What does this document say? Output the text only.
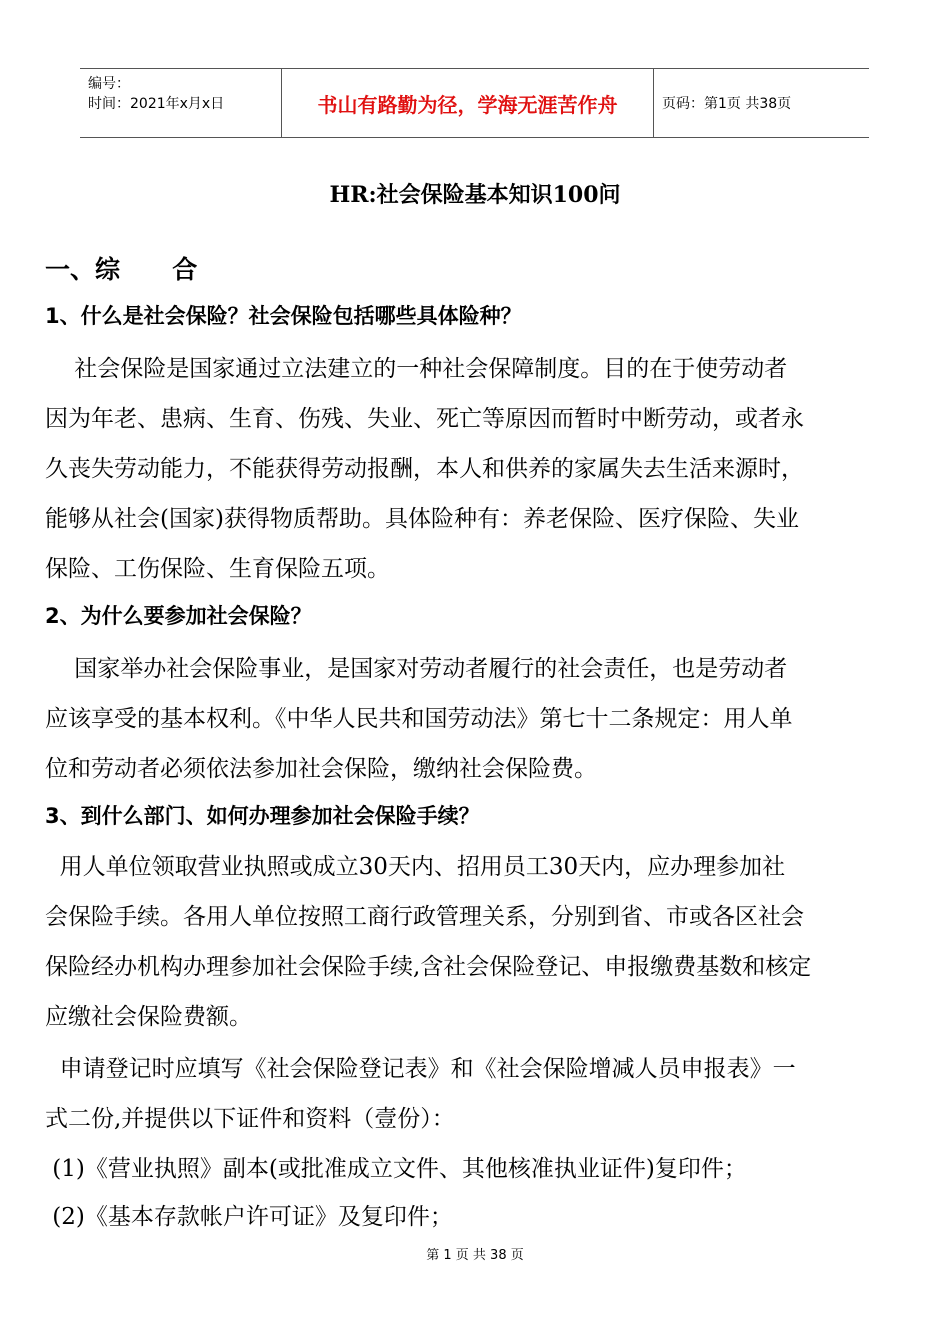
编号：
时间：2021年x月x日	书山有路勤为径，学海无涯苦作舟	页码：第1页 共38页
HR:社会保险基本知识100问
一、综      合
1、什么是社会保险？社会保险包括哪些具体险种？
社会保险是国家通过立法建立的一种社会保障制度。目的在于使劳动者
因为年老、患病、生育、伤残、失业、死亡等原因而暂时中断劳动，或者永
久丧失劳动能力，不能获得劳动报酬，本人和供养的家属失去生活来源时，
能够从社会(国家)获得物质帮助。具体险种有：养老保险、医疗保险、失业
保险、工伤保险、生育保险五项。
2、为什么要参加社会保险？
国家举办社会保险事业，是国家对劳动者履行的社会责任，也是劳动者
应该享受的基本权利。《中华人民共和国劳动法》第七十二条规定：用人单
位和劳动者必须依法参加社会保险，缴纳社会保险费。
3、到什么部门、如何办理参加社会保险手续？
用人单位领取营业执照或成立30天内、招用员工30天内，应办理参加社
会保险手续。各用人单位按照工商行政管理关系，分别到省、市或各区社会
保险经办机构办理参加社会保险手续,含社会保险登记、申报缴费基数和核定
应缴社会保险费额。
申请登记时应填写《社会保险登记表》和《社会保险增减人员申报表》一
式二份,并提供以下证件和资料（壹份）：
(1)《营业执照》副本(或批准成立文件、其他核准执业证件)复印件；
(2)《基本存款帐户许可证》及复印件；
第 1 页 共 38 页
